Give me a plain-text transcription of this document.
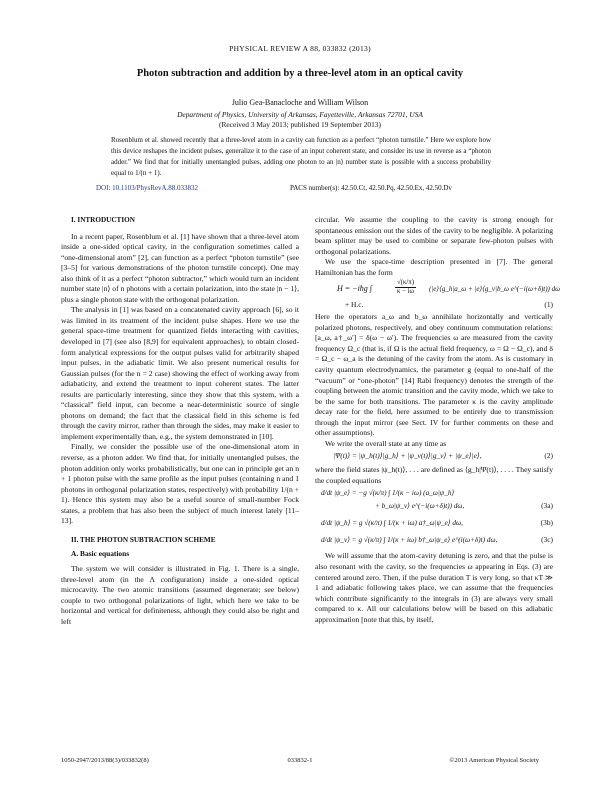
PHYSICAL REVIEW A 88, 033832 (2013)
Photon subtraction and addition by a three-level atom in an optical cavity
Julio Gea-Banacloche and William Wilson
Department of Physics, University of Arkansas, Fayetteville, Arkansas 72701, USA
(Received 3 May 2013; published 19 September 2013)
Rosenblum et al. showed recently that a three-level atom in a cavity can function as a perfect “photon turnstile.” Here we explore how this device reshapes the incident pulses, generalize it to the case of an input coherent state, and consider its use in reverse as a “photon adder.” We find that for initially unentangled pulses, adding one photon to an |n⟩ number state is possible with a success probability equal to 1/(n + 1).
DOI: 10.1103/PhysRevA.88.033832	PACS number(s): 42.50.Ct, 42.50.Pq, 42.50.Ex, 42.50.Dv

I. INTRODUCTION

In a recent paper, Rosenblum et al. [1] have shown that a three-level atom inside a one-sided optical cavity, in the configuration sometimes called a “one-dimensional atom” [2], can function as a perfect “photon turnstile” (see [3–5] for various demonstrations of the photon turnstile concept). One may also think of it as a perfect “photon subtractor,” which would turn an incident number state |n⟩ of n photons with a certain polarization, into the state |n − 1⟩, plus a single photon state with the orthogonal polarization.

The analysis in [1] was based on a concatenated cavity approach [6], so it was limited in its treatment of the incident pulse shapes. Here we use the general space-time treatment for quantized fields interacting with cavities, developed in [7] (see also [8,9] for equivalent approaches), to obtain closed-form analytical expressions for the output pulses valid for arbitrarily shaped input pulses, in the adiabatic limit. We also present numerical results for Gaussian pulses (for the n = 2 case) showing the effect of working away from adiabaticity, and extend the treatment to input coherent states. The latter results are particularly interesting, since they show that this system, with a “classical” field input, can become a near-deterministic source of single photons on demand; the fact that the classical field in this scheme is fed through the cavity mirror, rather than through the sides, may make it easier to implement experimentally than, e.g., the system demonstrated in [10].

Finally, we consider the possible use of the one-dimensional atom in reverse, as a photon adder. We find that, for initially unentangled pulses, the photon addition only works probabilistically, but one can in principle get an n + 1 photon pulse with the same profile as the input pulses (containing n and 1 photons in orthogonal polarization states, respectively) with probability 1/(n + 1). Hence this system may also be a useful source of small-number Fock states, a problem that has also been the subject of much interest lately [11–13].

II. THE PHOTON SUBTRACTION SCHEME

A. Basic equations

The system we will consider is illustrated in Fig. 1. There is a single, three-level atom (in the Λ configuration) inside a one-sided optical microcavity. The two atomic transitions (assumed degenerate; see below) couple to two orthogonal polarizations of light, which here we take to be horizontal and vertical for definiteness, although they could also be right and left

circular. We assume the coupling to the cavity is strong enough for spontaneous emission out the sides of the cavity to be negligible. A polarizing beam splitter may be used to combine or separate few-photon pulses with orthogonal polarizations.

We use the space-time description presented in [7]. The general Hamiltonian has the form

H = −iħg ∫	$\frac{√(\kappa/\pi)}{\kappa - i\omega}$ (|e⟩⟨g_h|a_ω + |e⟩⟨g_v|b_ω e^(−i(ω+δ)t)) dω
+ H.c.	(1)

Here the operators a_ω and b_ω annihilate horizontally and vertically polarized photons, respectively, and obey continuum commutation relations: [a_ω, a†_ω′] = δ(ω − ω′). The frequencies ω are measured from the cavity frequency Ω_c (that is, if Ω is the actual field frequency, ω = Ω − Ω_c), and δ = Ω_c − ω_a is the detuning of the cavity from the atom. As is customary in cavity quantum electrodynamics, the parameter g (equal to one-half of the “vacuum” or “one-photon” [14] Rabi frequency) denotes the strength of the coupling between the atomic transition and the cavity mode, which we take to be the same for both transitions. The parameter κ is the cavity amplitude decay rate for the field, here assumed to be entirely due to transmission through the input mirror (see Sect. IV for further comments on these and other assumptions).

We write the overall state at any time as

|Ψ(t)⟩ = |ψ_h(t)⟩|g_h⟩ + |ψ_v(t)⟩|g_v⟩ + |ψ_e⟩|e⟩,	(2)

where the field states |ψ_h(t)⟩, . . . are defined as ⟨g_h|Ψ(t)⟩, . . . . They satisfy the coupled equations

d/dt |ψ_e⟩ = −g √(κ/π) ∫ 1/(κ − iω) (a_ω|ψ_h⟩
+ b_ω|ψ_v⟩ e^(−i(ω+δ)t)) dω,	(3a)
d/dt |ψ_h⟩ = g √(κ/π) ∫ 1/(κ + iω) a†_ω|ψ_e⟩ dω,	(3b)
d/dt |ψ_v⟩ = g √(κ/π) ∫ 1/(κ + iω) b†_ω|ψ_e⟩ e^(i(ω+δ)t) dω,	(3c)

We will assume that the atom-cavity detuning is zero, and that the pulse is also resonant with the cavity, so the frequencies ω appearing in Eqs. (3) are centered around zero. Then, if the pulse duration T is very long, so that κT ≫ 1 and adiabatic following takes place, we can assume that the frequencies which contribute significantly to the integrals in (3) are always very small compared to κ. All our calculations below will be based on this adiabatic approximation [note that this, by itself,

1050-2947/2013/88(3)/033832(8)	033832-1	©2013 American Physical Society
